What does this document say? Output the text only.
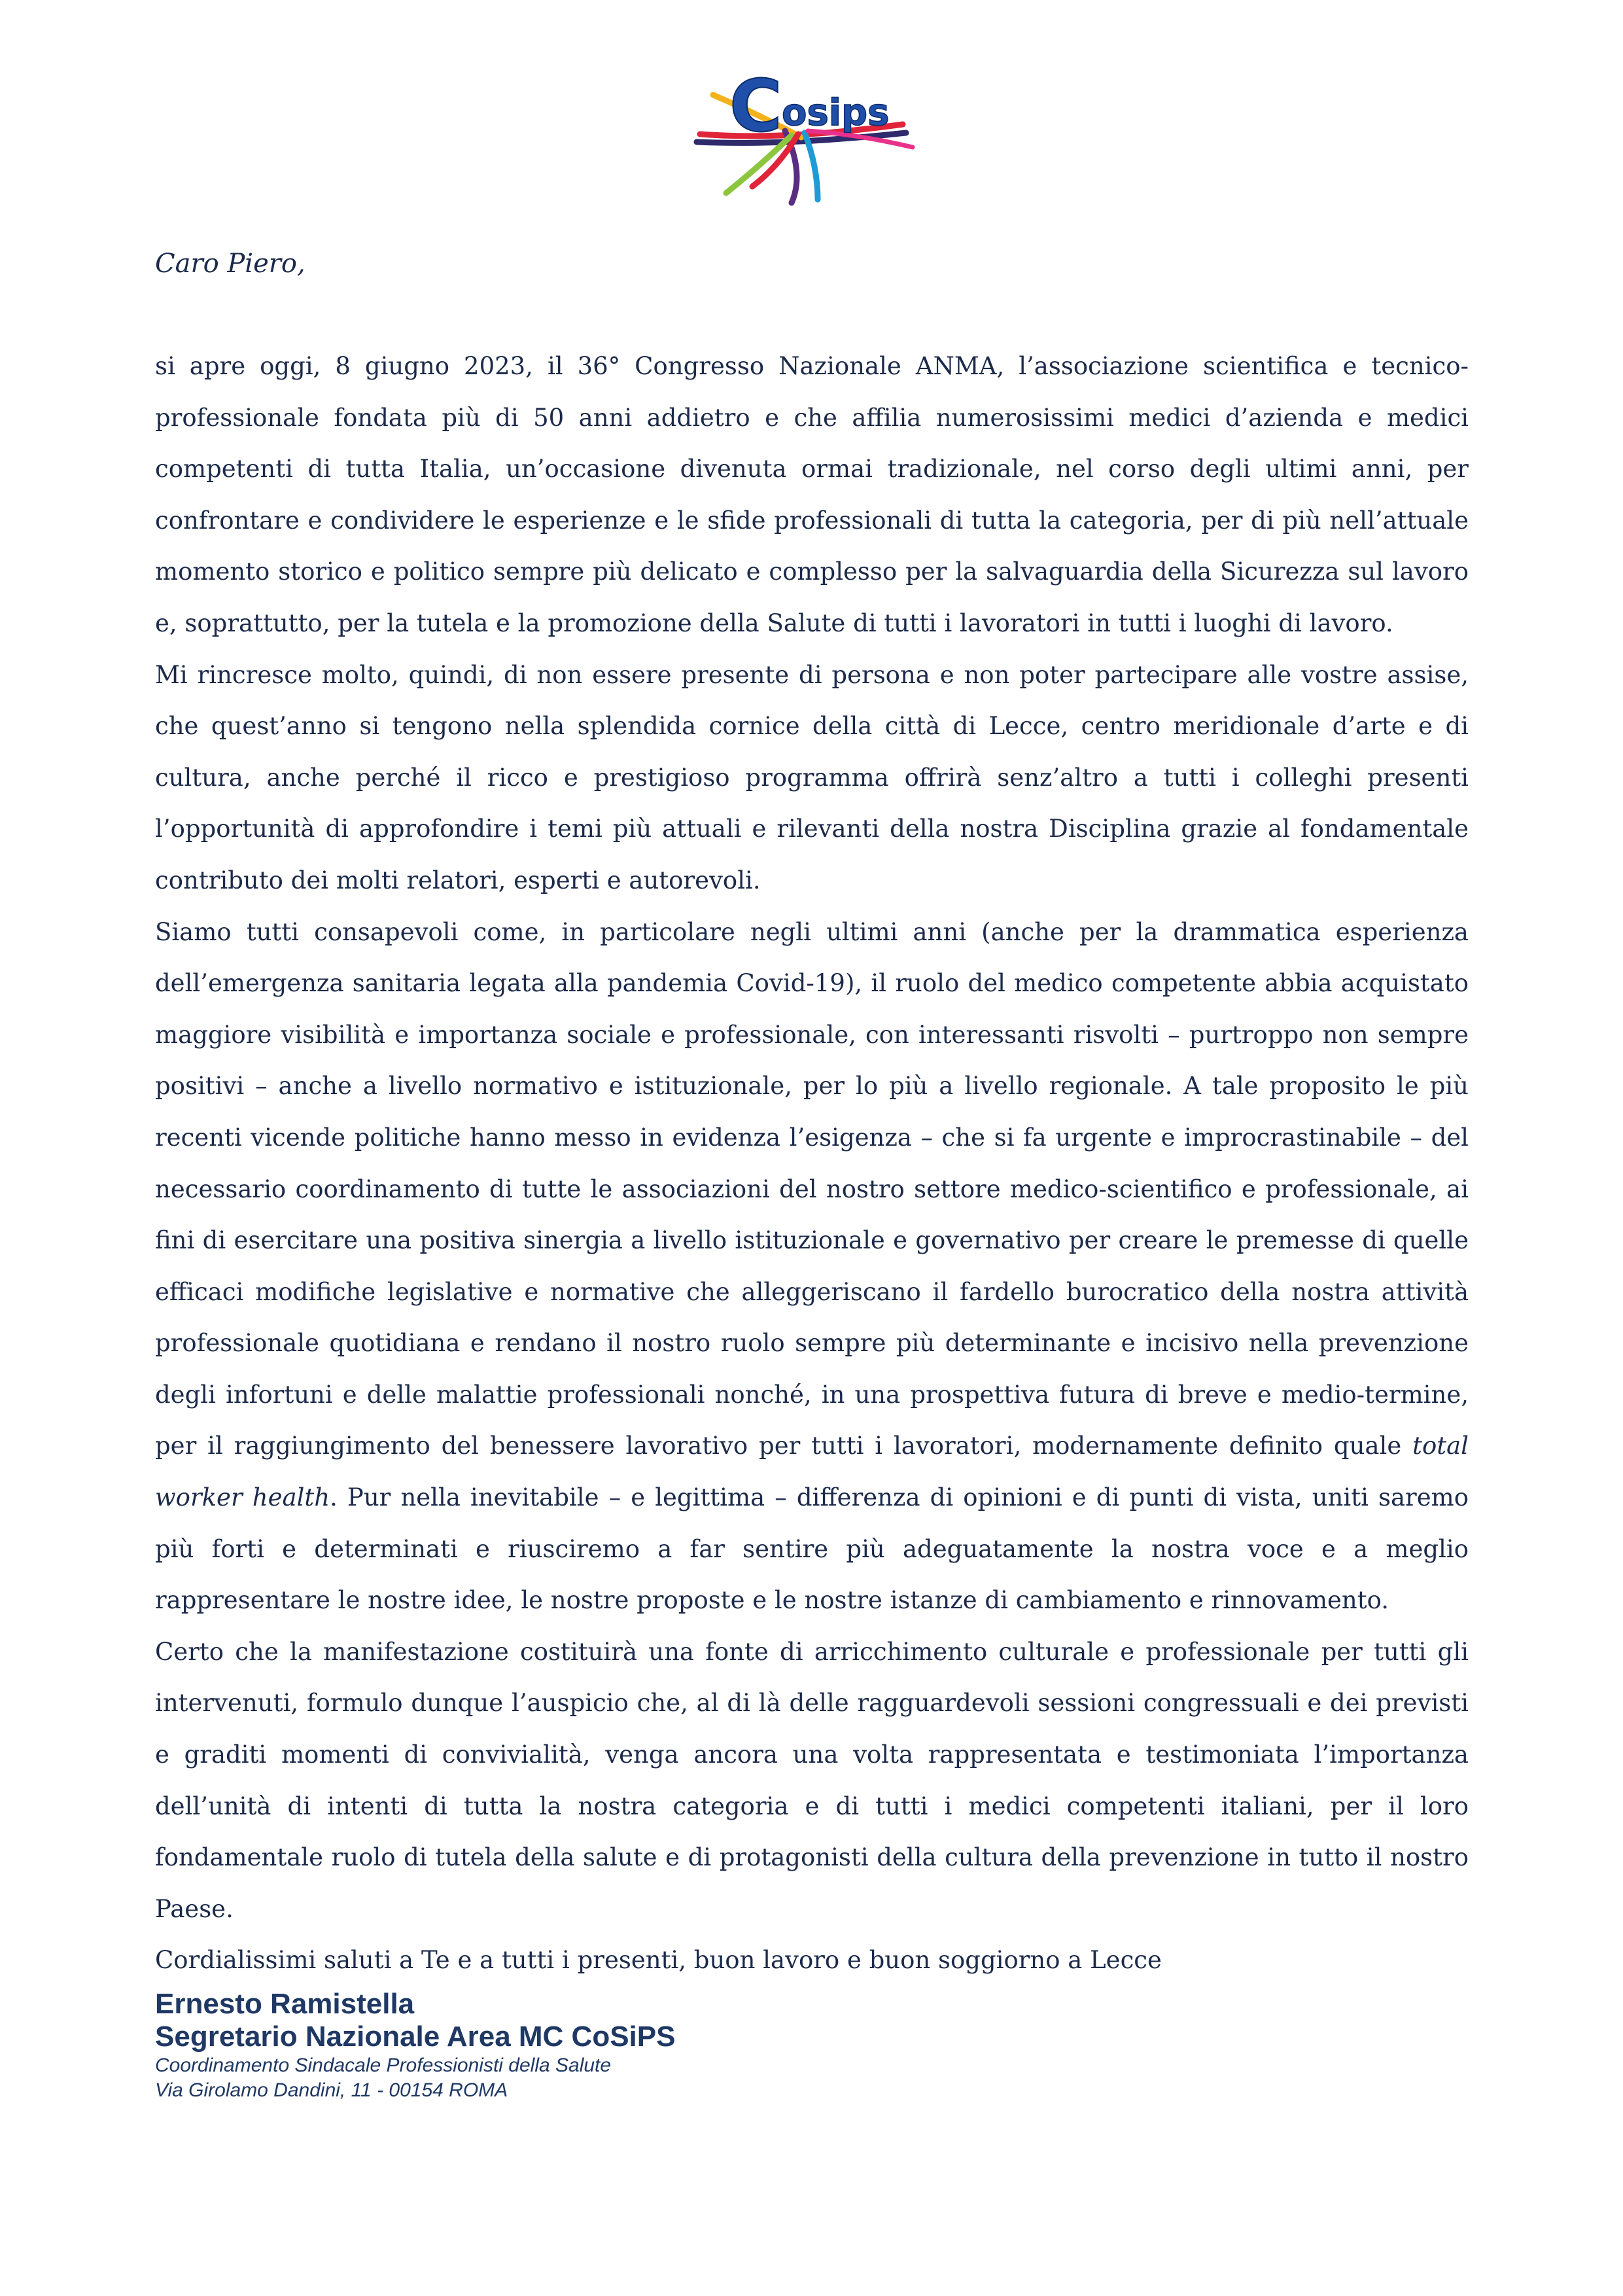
C osips

Caro Piero,

si apre oggi, 8 giugno 2023, il 36° Congresso Nazionale ANMA, l’associazione scientifica e tecnico-professionale fondata più di 50 anni addietro e che affilia numerosissimi medici d’azienda e medici competenti di tutta Italia, un’occasione divenuta ormai tradizionale, nel corso degli ultimi anni, per confrontare e condividere le esperienze e le sfide professionali di tutta la categoria, per di più nell’attuale momento storico e politico sempre più delicato e complesso per la salvaguardia della Sicurezza sul lavoro e, soprattutto, per la tutela e la promozione della Salute di tutti i lavoratori in tutti i luoghi di lavoro.

Mi rincresce molto, quindi, di non essere presente di persona e non poter partecipare alle vostre assise, che quest’anno si tengono nella splendida cornice della città di Lecce, centro meridionale d’arte e di cultura, anche perché il ricco e prestigioso programma offrirà senz’altro a tutti i colleghi presenti l’opportunità di approfondire i temi più attuali e rilevanti della nostra Disciplina grazie al fondamentale contributo dei molti relatori, esperti e autorevoli.

Siamo tutti consapevoli come, in particolare negli ultimi anni (anche per la drammatica esperienza dell’emergenza sanitaria legata alla pandemia Covid-19), il ruolo del medico competente abbia acquistato maggiore visibilità e importanza sociale e professionale, con interessanti risvolti – purtroppo non sempre positivi – anche a livello normativo e istituzionale, per lo più a livello regionale. A tale proposito le più recenti vicende politiche hanno messo in evidenza l’esigenza – che si fa urgente e improcrastinabile – del necessario coordinamento di tutte le associazioni del nostro settore medico-scientifico e professionale, ai fini di esercitare una positiva sinergia a livello istituzionale e governativo per creare le premesse di quelle efficaci modifiche legislative e normative che alleggeriscano il fardello burocratico della nostra attività professionale quotidiana e rendano il nostro ruolo sempre più determinante e incisivo nella prevenzione degli infortuni e delle malattie professionali nonché, in una prospettiva futura di breve e medio-termine, per il raggiungimento del benessere lavorativo per tutti i lavoratori, modernamente definito quale total worker health. Pur nella inevitabile – e legittima – differenza di opinioni e di punti di vista, uniti saremo più forti e determinati e riusciremo a far sentire più adeguatamente la nostra voce e a meglio rappresentare le nostre idee, le nostre proposte e le nostre istanze di cambiamento e rinnovamento.

Certo che la manifestazione costituirà una fonte di arricchimento culturale e professionale per tutti gli intervenuti, formulo dunque l’auspicio che, al di là delle ragguardevoli sessioni congressuali e dei previsti e graditi momenti di convivialità, venga ancora una volta rappresentata e testimoniata l’importanza dell’unità di intenti di tutta la nostra categoria e di tutti i medici competenti italiani, per il loro fondamentale ruolo di tutela della salute e di protagonisti della cultura della prevenzione in tutto il nostro Paese.

Cordialissimi saluti a Te e a tutti i presenti, buon lavoro e buon soggiorno a Lecce

Ernesto Ramistella

Segretario Nazionale Area MC CoSiPS

Coordinamento Sindacale Professionisti della Salute

Via Girolamo Dandini, 11 - 00154 ROMA
